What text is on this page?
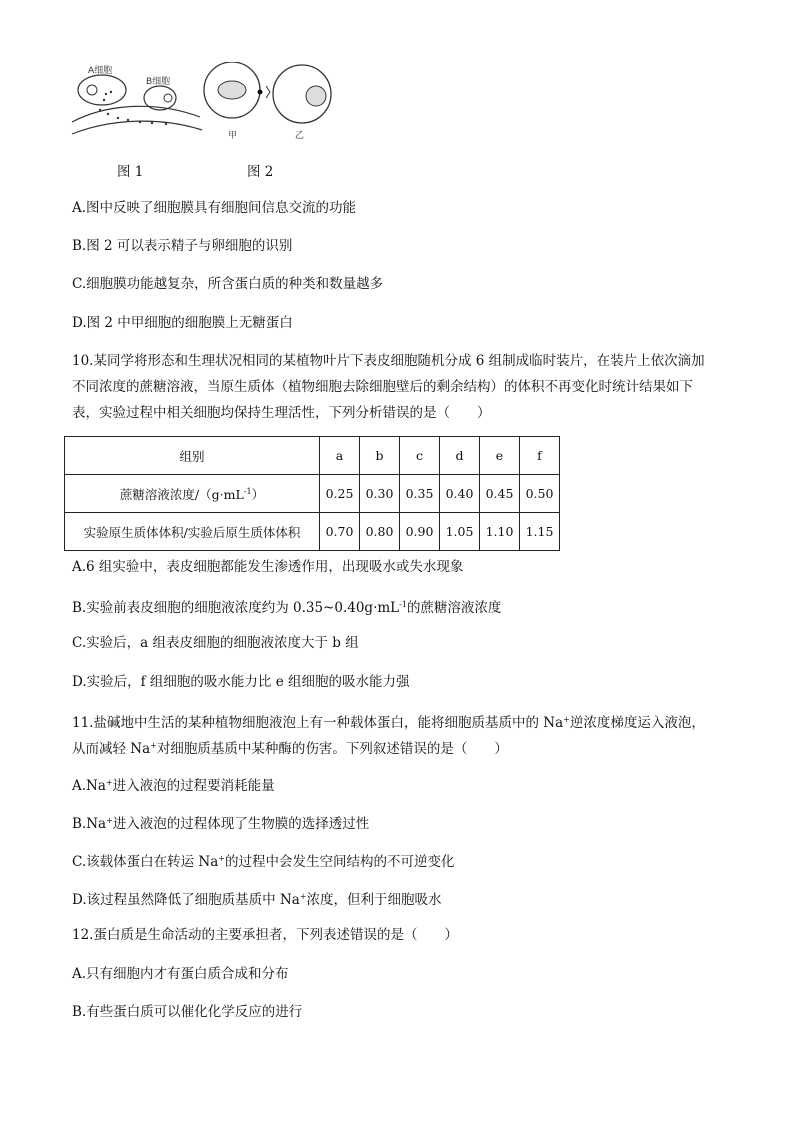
A细胞
B细胞
甲	乙
图 1	图 2
A.图中反映了细胞膜具有细胞间信息交流的功能
B.图 2 可以表示精子与卵细胞的识别
C.细胞膜功能越复杂，所含蛋白质的种类和数量越多
D.图 2 中甲细胞的细胞膜上无糖蛋白
10.某同学将形态和生理状况相同的某植物叶片下表皮细胞随机分成 6 组制成临时装片，在装片上依次滴加
不同浓度的蔗糖溶液，当原生质体（植物细胞去除细胞壁后的剩余结构）的体积不再变化时统计结果如下
表，实验过程中相关细胞均保持生理活性，下列分析错误的是（　　）
组别	a	b	c	d	e	f
蔗糖溶液浓度$/(g\cdot mL^{-1})$	0.25	0.30	0.35	0.40	0.45	0.50
实验原生质体体积/实验后原生质体体积	0.70	0.80	0.90	1.05	1.10	1.15
A.6 组实验中，表皮细胞都能发生渗透作用，出现吸水或失水现象
B.实验前表皮细胞的细胞液浓度约为 $0.35\sim 0.40g\cdot mL^{-1}$的蔗糖溶液浓度
C.实验后，a 组表皮细胞的细胞液浓度大于 b 组
D.实验后，f 组细胞的吸水能力比 e 组细胞的吸水能力强
11.盐碱地中生活的某种植物细胞液泡上有一种载体蛋白，能将细胞质基质中的 Na+逆浓度梯度运入液泡，
从而减轻 Na+对细胞质基质中某种酶的伤害。下列叙述错误的是（　　）
A.Na+进入液泡的过程要消耗能量
B.Na+进入液泡的过程体现了生物膜的选择透过性
C.该载体蛋白在转运 Na+的过程中会发生空间结构的不可逆变化
D.该过程虽然降低了细胞质基质中 Na+浓度，但利于细胞吸水
12.蛋白质是生命活动的主要承担者，下列表述错误的是（　　）
A.只有细胞内才有蛋白质合成和分布
B.有些蛋白质可以催化化学反应的进行
